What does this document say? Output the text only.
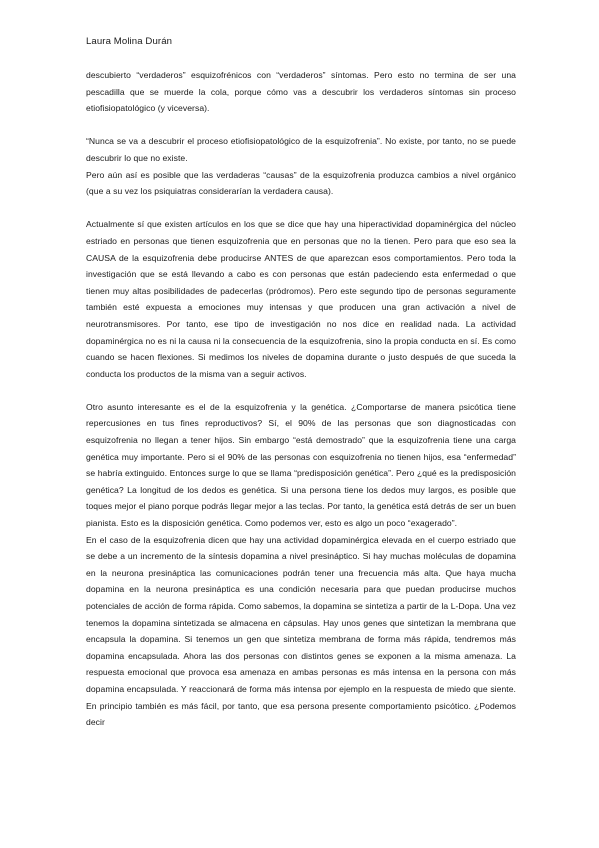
Laura Molina Durán

descubierto “verdaderos” esquizofrénicos con “verdaderos” síntomas. Pero esto no termina de ser una pescadilla que se muerde la cola, porque cómo vas a descubrir los verdaderos síntomas sin proceso etiofisiopatológico (y viceversa).

“Nunca se va a descubrir el proceso etiofisiopatológico de la esquizofrenia”. No existe, por tanto, no se puede descubrir lo que no existe.

Pero aún así es posible que las verdaderas “causas” de la esquizofrenia produzca cambios a nivel orgánico (que a su vez los psiquiatras considerarían la verdadera causa).

Actualmente sí que existen artículos en los que se dice que hay una hiperactividad dopaminérgica del núcleo estriado en personas que tienen esquizofrenia que en personas que no la tienen. Pero para que eso sea la CAUSA de la esquizofrenia debe producirse ANTES de que aparezcan esos comportamientos. Pero toda la investigación que se está llevando a cabo es con personas que están padeciendo esta enfermedad o que tienen muy altas posibilidades de padecerlas (pródromos). Pero este segundo tipo de personas seguramente también esté expuesta a emociones muy intensas y que producen una gran activación a nivel de neurotransmisores. Por tanto, ese tipo de investigación no nos dice en realidad nada. La actividad dopaminérgica no es ni la causa ni la consecuencia de la esquizofrenia, sino la propia conducta en sí. Es como cuando se hacen flexiones. Si medimos los niveles de dopamina durante o justo después de que suceda la conducta los productos de la misma van a seguir activos.

Otro asunto interesante es el de la esquizofrenia y la genética. ¿Comportarse de manera psicótica tiene repercusiones en tus fines reproductivos? Sí, el 90% de las personas que son diagnosticadas con esquizofrenia no llegan a tener hijos. Sin embargo “está demostrado” que la esquizofrenia tiene una carga genética muy importante. Pero si el 90% de las personas con esquizofrenia no tienen hijos, esa “enfermedad” se habría extinguido. Entonces surge lo que se llama “predisposición genética”. Pero ¿qué es la predisposición genética? La longitud de los dedos es genética. Si una persona tiene los dedos muy largos, es posible que toques mejor el piano porque podrás llegar mejor a las teclas. Por tanto, la genética está detrás de ser un buen pianista. Esto es la disposición genética. Como podemos ver, esto es algo un poco “exagerado”.

En el caso de la esquizofrenia dicen que hay una actividad dopaminérgica elevada en el cuerpo estriado que se debe a un incremento de la síntesis dopamina a nivel presináptico. Si hay muchas moléculas de dopamina en la neurona presináptica las comunicaciones podrán tener una frecuencia más alta. Que haya mucha dopamina en la neurona presináptica es una condición necesaria para que puedan producirse muchos potenciales de acción de forma rápida. Como sabemos, la dopamina se sintetiza a partir de la L-Dopa. Una vez tenemos la dopamina sintetizada se almacena en cápsulas. Hay unos genes que sintetizan la membrana que encapsula la dopamina. Si tenemos un gen que sintetiza membrana de forma más rápida, tendremos más dopamina encapsulada. Ahora las dos personas con distintos genes se exponen a la misma amenaza. La respuesta emocional que provoca esa amenaza en ambas personas es más intensa en la persona con más dopamina encapsulada. Y reaccionará de forma más intensa por ejemplo en la respuesta de miedo que siente. En principio también es más fácil, por tanto, que esa persona presente comportamiento psicótico. ¿Podemos decir
